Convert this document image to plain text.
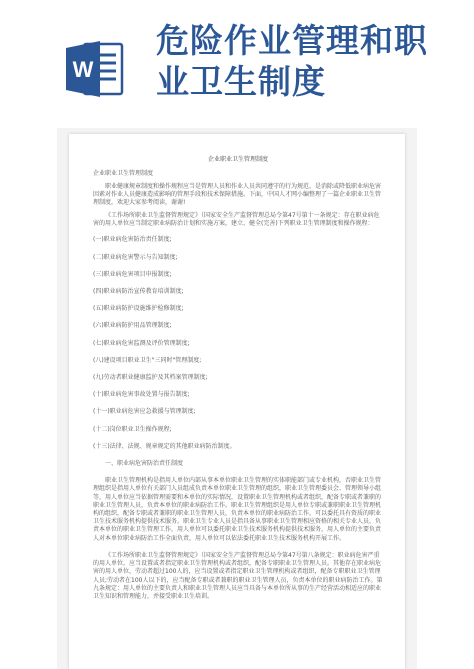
W
危险作业管理和职业卫生制度
企业职业卫生管理制度

企业职业卫生管理制度

职业健康规章制度和操作规程应当是管理人员和作业人员共同遵守的行为规范，是消除或降低职业病危害因素对作业人员健康造成影响的管理手段和技术保障措施。下面，中国人才网小编整理了一篇企业职业卫生管理制度，欢迎大家参考阅读，谢谢!

《工作场所职业卫生监督管理规定》（国家安全生产监督管理总局令第47号第十一条规定：存在职业病危害的用人单位应当制定职业病防治计划和实施方案，建立、健全(完善)下列职业卫生管理制度和操作规程：

(一)职业病危害防治责任制度;

(二)职业病危害警示与告知制度;

(三)职业病危害项目申报制度;

(四)职业病防治宣传教育培训制度;

(五)职业病防护设施维护检修制度;

(六)职业病防护用品管理制度;

(七)职业病危害监测及评价管理制度;

(八)建设项目职业卫生"三同时"管理制度;

(九)劳动者职业健康监护及其档案管理制度;

(十)职业病危害事故处置与报告制度;

(十一)职业病危害应急救援与管理制度;

(十二)岗位职业卫生操作规程;

(十三)法律、法规、规章规定的其他职业病防治制度。

一、职业病危害防治责任制度

职业卫生管理机构是指用人单位内部从事本单位职业卫生管理的实体职能部门或专业机构，否职业卫生管理组织是指用人单位有关部门人员组成负责本单位职业卫生管理的组织，职业卫生管理委员会、管理领导小组等，用人单位应当依据管理需要和本单位的实际情况，设置职业卫生管理机构或者组织，配备专职或者兼职的职业卫生管理人员，负责本单位的职业病防治工作。职业卫生管理组织是用人单位专职或兼职职业卫生管理机构的组织，配备专职或者兼职的职业卫生管理人员，负责本单位的职业病防治工作，可以委托具有资质的职业卫生技术服务机构提供技术服务。职业卫生专业人员是指具备从事职业卫生管理相应资格的相关专业人员，负责本单位的职业卫生管理工作，用人单位可以委托职业卫生技术服务机构提供技术服务，用人单位的主要负责人对本单位职业病防治工作全面负责，用人单位可以依法委托职业卫生技术服务机构开展工作。

《工作场所职业卫生监督管理规定》（国家安全生产监督管理总局令第47号第八条规定：职业病危害严重的用人单位，应当设置或者指定职业卫生管理机构或者组织，配备专职职业卫生管理人员。其他存在职业病危害的用人单位，劳动者超过100人的，应当设置或者指定职业卫生管理机构或者组织，配备专职职业卫生管理人员;劳动者在100人以下的，应当配备专职或者兼职的职业卫生管理人员，负责本单位的职业病防治工作。第九条规定：用人单位的主要负责人和职业卫生管理人员应当具备与本单位所从事的生产经营活动相适应的职业卫生知识和管理能力，并接受职业卫生培训。
